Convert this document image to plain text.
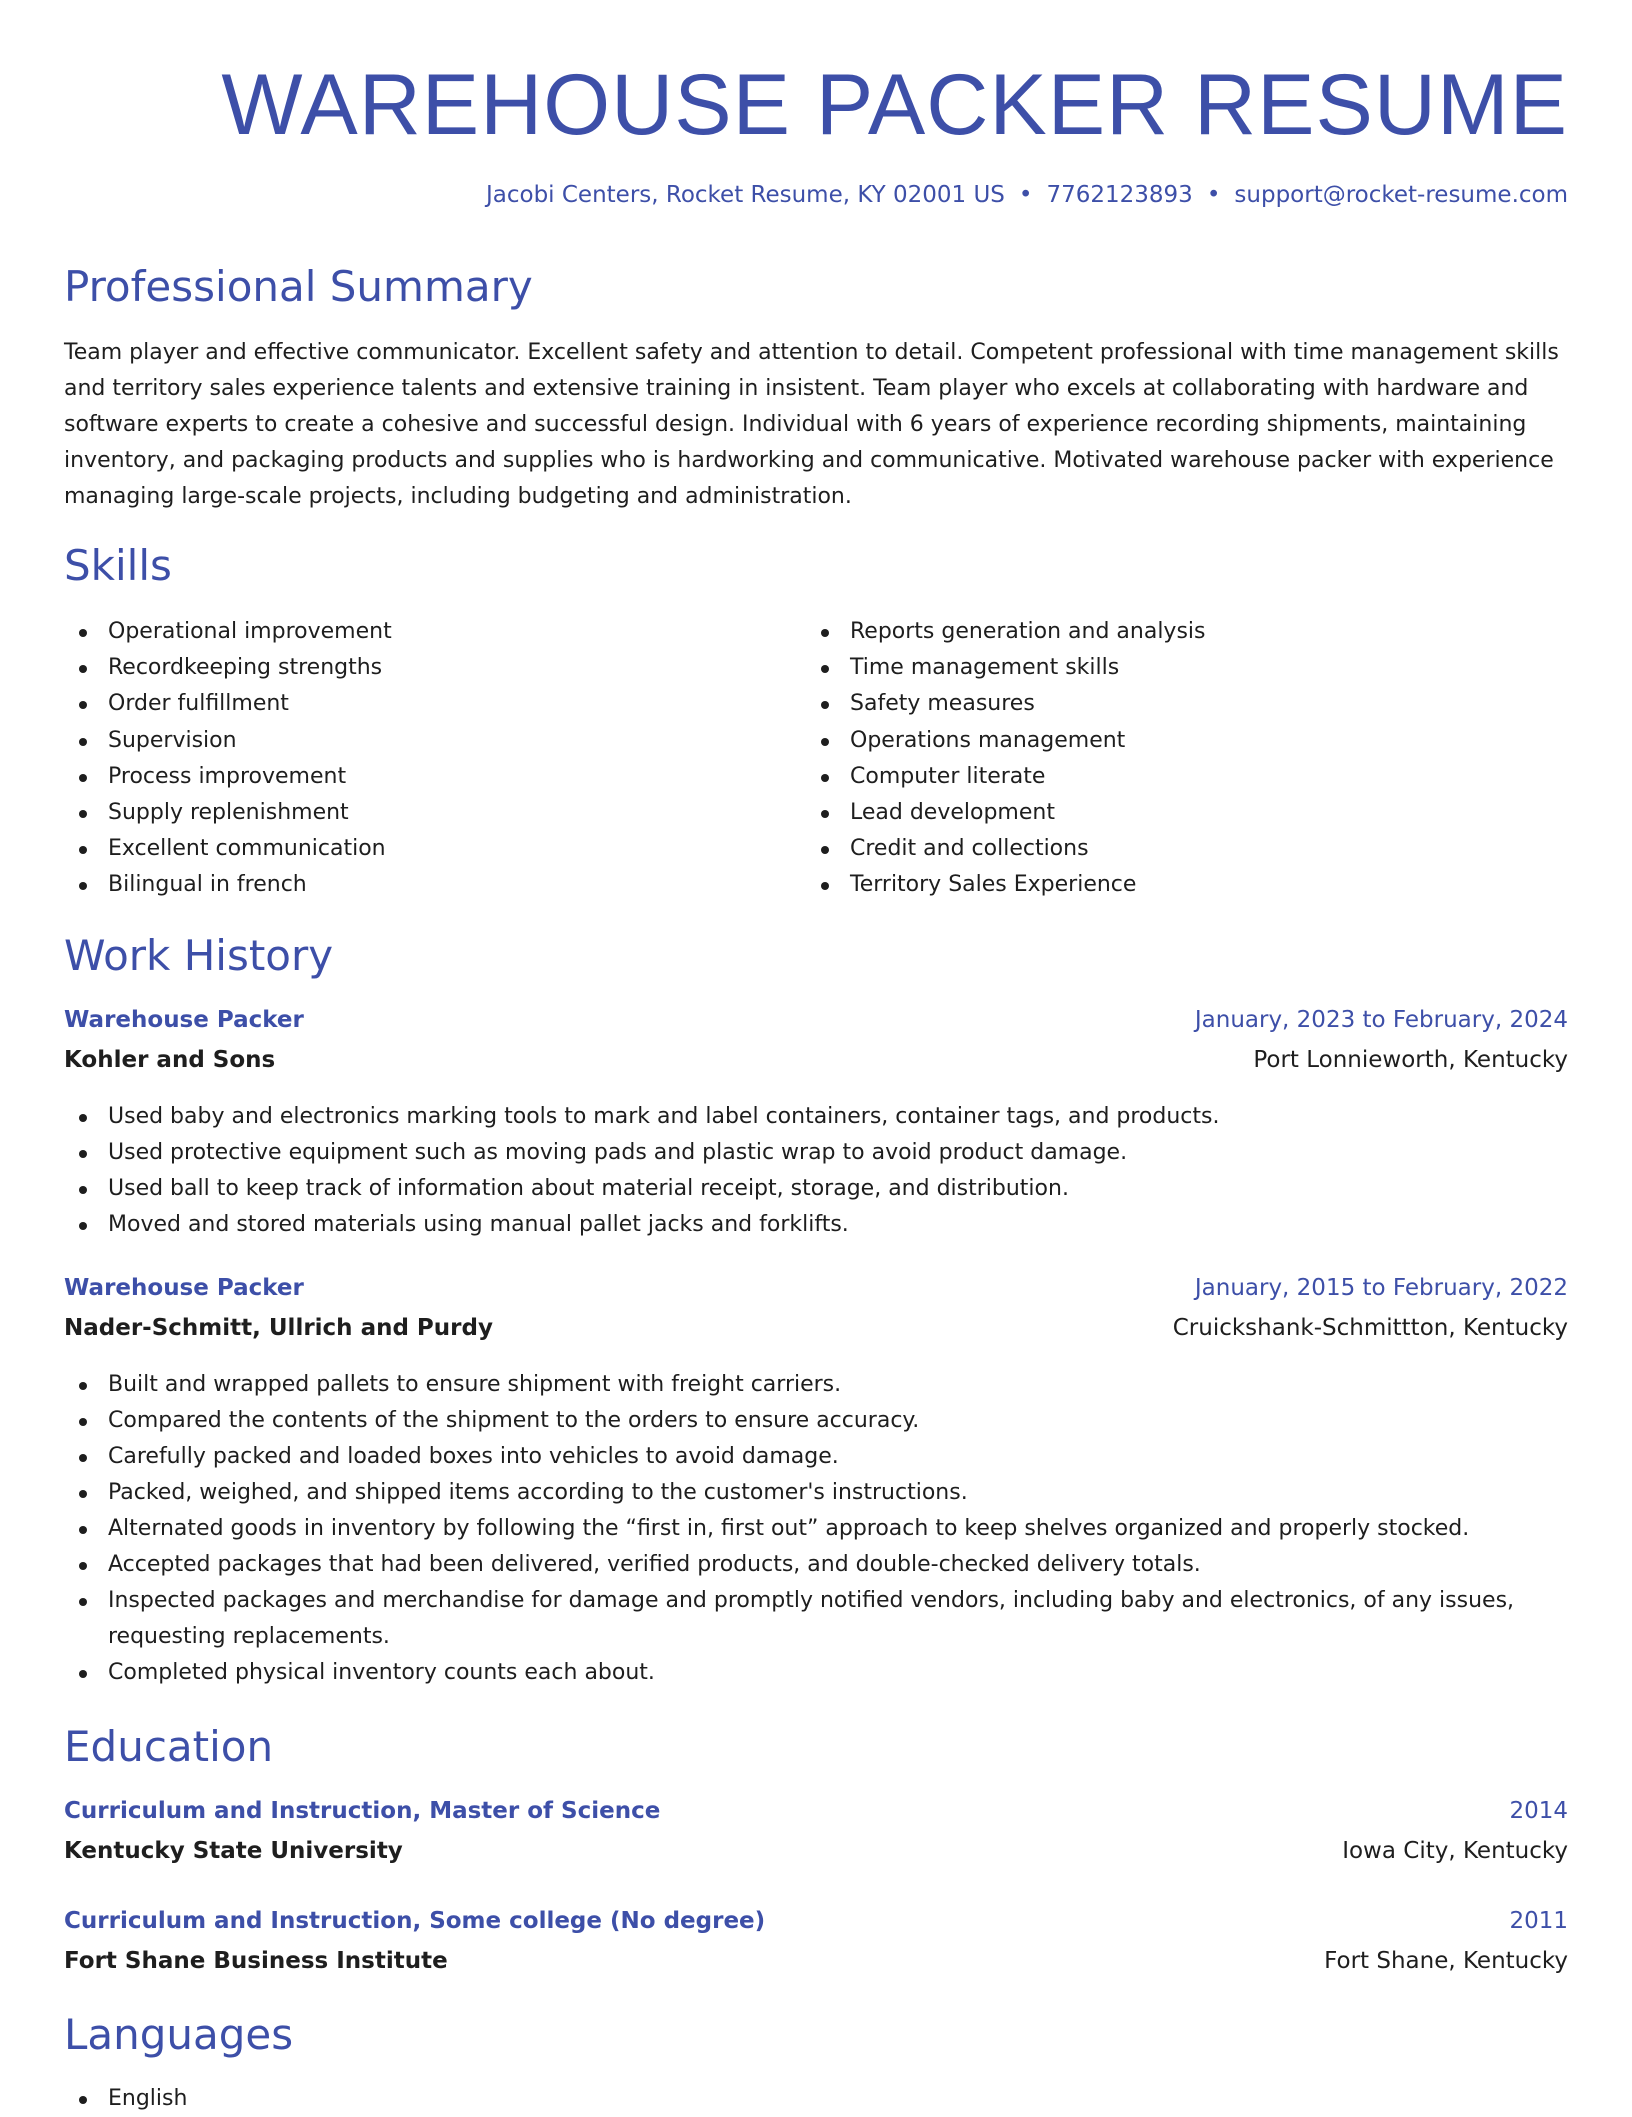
WAREHOUSE PACKER RESUME
Jacobi Centers, Rocket Resume, KY 02001 US • 7762123893 • support@rocket-resume.com
Professional Summary

Team player and effective communicator. Excellent safety and attention to detail. Competent professional with time management skills and territory sales experience talents and extensive training in insistent. Team player who excels at collaborating with hardware and software experts to create a cohesive and successful design. Individual with 6 years of experience recording shipments, maintaining inventory, and packaging products and supplies who is hardworking and communicative. Motivated warehouse packer with experience managing large-scale projects, including budgeting and administration.

Skills
Operational improvement
Recordkeeping strengths
Order fulfillment
Supervision
Process improvement
Supply replenishment
Excellent communication
Bilingual in french
Reports generation and analysis
Time management skills
Safety measures
Operations management
Computer literate
Lead development
Credit and collections
Territory Sales Experience
Work History
Warehouse Packer	January, 2023 to February, 2024
Kohler and Sons	Port Lonnieworth, Kentucky
Used baby and electronics marking tools to mark and label containers, container tags, and products.
Used protective equipment such as moving pads and plastic wrap to avoid product damage.
Used ball to keep track of information about material receipt, storage, and distribution.
Moved and stored materials using manual pallet jacks and forklifts.
Warehouse Packer	January, 2015 to February, 2022
Nader-Schmitt, Ullrich and Purdy	Cruickshank-Schmittton, Kentucky
Built and wrapped pallets to ensure shipment with freight carriers.
Compared the contents of the shipment to the orders to ensure accuracy.
Carefully packed and loaded boxes into vehicles to avoid damage.
Packed, weighed, and shipped items according to the customer's instructions.
Alternated goods in inventory by following the “first in, first out” approach to keep shelves organized and properly stocked.
Accepted packages that had been delivered, verified products, and double-checked delivery totals.
Inspected packages and merchandise for damage and promptly notified vendors, including baby and electronics, of any issues, requesting replacements.
Completed physical inventory counts each about.
Education
Curriculum and Instruction, Master of Science	2014
Kentucky State University	Iowa City, Kentucky
Curriculum and Instruction, Some college (No degree)	2011
Fort Shane Business Institute	Fort Shane, Kentucky
Languages
English
